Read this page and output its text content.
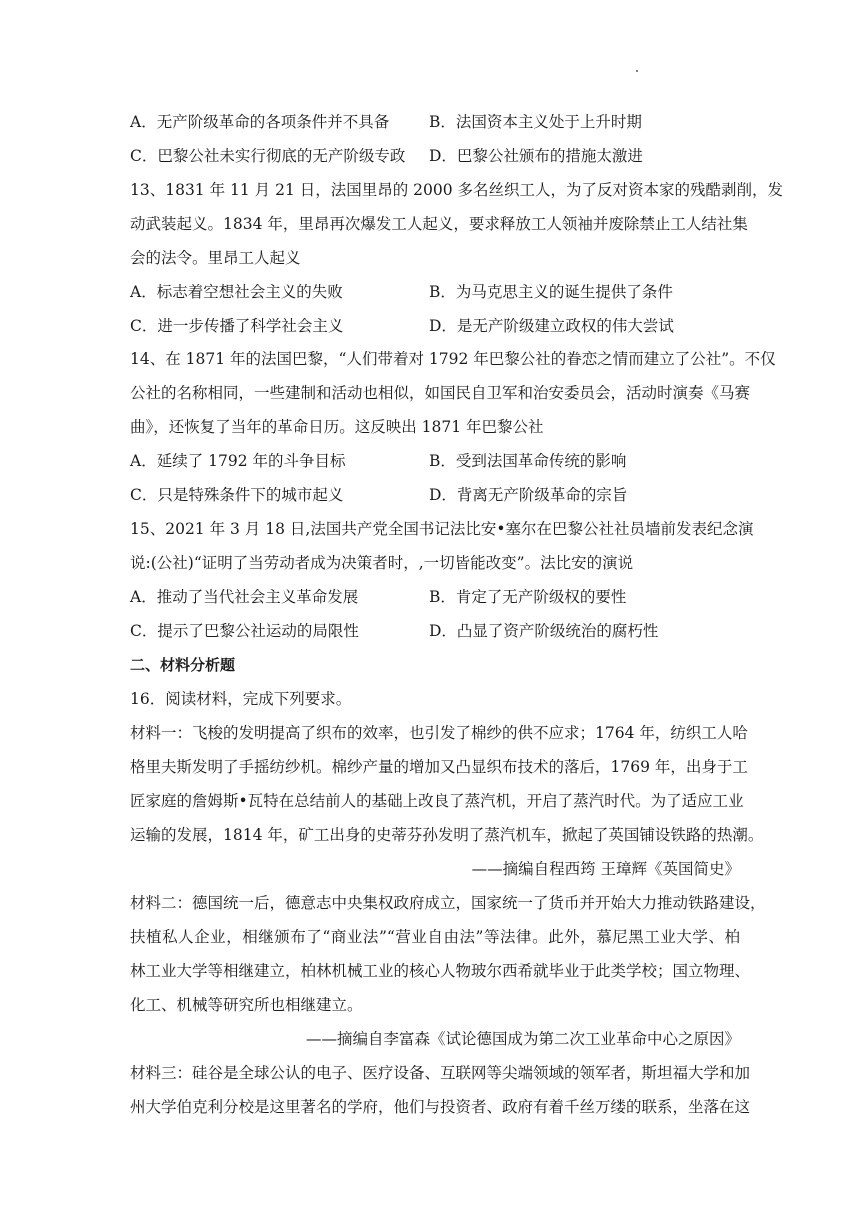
A．无产阶级革命的各项条件并不具备	B．法国资本主义处于上升时期
C．巴黎公社未实行彻底的无产阶级专政 D．巴黎公社颁布的措施太激进
13、1831 年 11 月 21 日，法国里昂的 2000 多名丝织工人，为了反对资本家的残酷剥削，发
动武装起义。1834 年，里昂再次爆发工人起义，要求释放工人领袖并废除禁止工人结社集
会的法令。里昂工人起义
A．标志着空想社会主义的失败	B．为马克思主义的诞生提供了条件
C．进一步传播了科学社会主义	D．是无产阶级建立政权的伟大尝试
14、在 1871 年的法国巴黎，“人们带着对 1792 年巴黎公社的眷恋之情而建立了公社”。不仅
公社的名称相同，一些建制和活动也相似，如国民自卫军和治安委员会，活动时演奏《马赛
曲》，还恢复了当年的革命日历。这反映出 1871 年巴黎公社
A．延续了 1792 年的斗争目标	B．受到法国革命传统的影响
C．只是特殊条件下的城市起义	D．背离无产阶级革命的宗旨
15、2021 年 3 月 18 日,法国共产党全国书记法比安•塞尔在巴黎公社社员墙前发表纪念演
说:(公社)“证明了当劳动者成为决策者时，,一切皆能改变”。法比安的演说
A．推动了当代社会主义革命发展	B．肯定了无产阶级权的要性
C．提示了巴黎公社运动的局限性	D．凸显了资产阶级统治的腐朽性
二、材料分析题
16．阅读材料，完成下列要求。
材料一：飞梭的发明提高了织布的效率，也引发了棉纱的供不应求；1764 年，纺织工人哈
格里夫斯发明了手摇纺纱机。棉纱产量的增加又凸显织布技术的落后，1769 年，出身于工
匠家庭的詹姆斯•瓦特在总结前人的基础上改良了蒸汽机，开启了蒸汽时代。为了适应工业
运输的发展，1814 年，矿工出身的史蒂芬孙发明了蒸汽机车，掀起了英国铺设铁路的热潮。
——摘编自程西筠 王璋辉《英国简史》
材料二：德国统一后，德意志中央集权政府成立，国家统一了货币并开始大力推动铁路建设，
扶植私人企业，相继颁布了“商业法”“营业自由法”等法律。此外，慕尼黑工业大学、柏
林工业大学等相继建立，柏林机械工业的核心人物玻尔西希就毕业于此类学校；国立物理、
化工、机械等研究所也相继建立。
——摘编自李富森《试论德国成为第二次工业革命中心之原因》
材料三：硅谷是全球公认的电子、医疗设备、互联网等尖端领域的领军者，斯坦福大学和加
州大学伯克利分校是这里著名的学府，他们与投资者、政府有着千丝万缕的联系，坐落在这
